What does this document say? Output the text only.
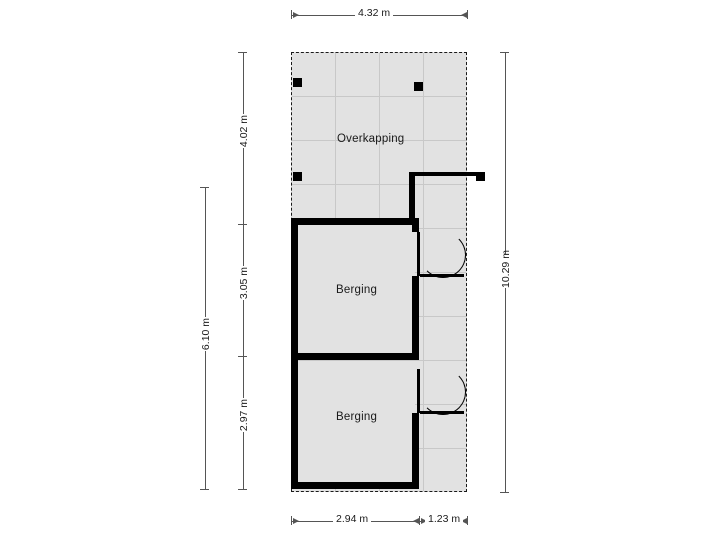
Overkapping
Berging
Berging
4.32 m
2.94 m	1.23 m
10.29 m
6.10 m
4.02 m
3.05 m
2.97 m
